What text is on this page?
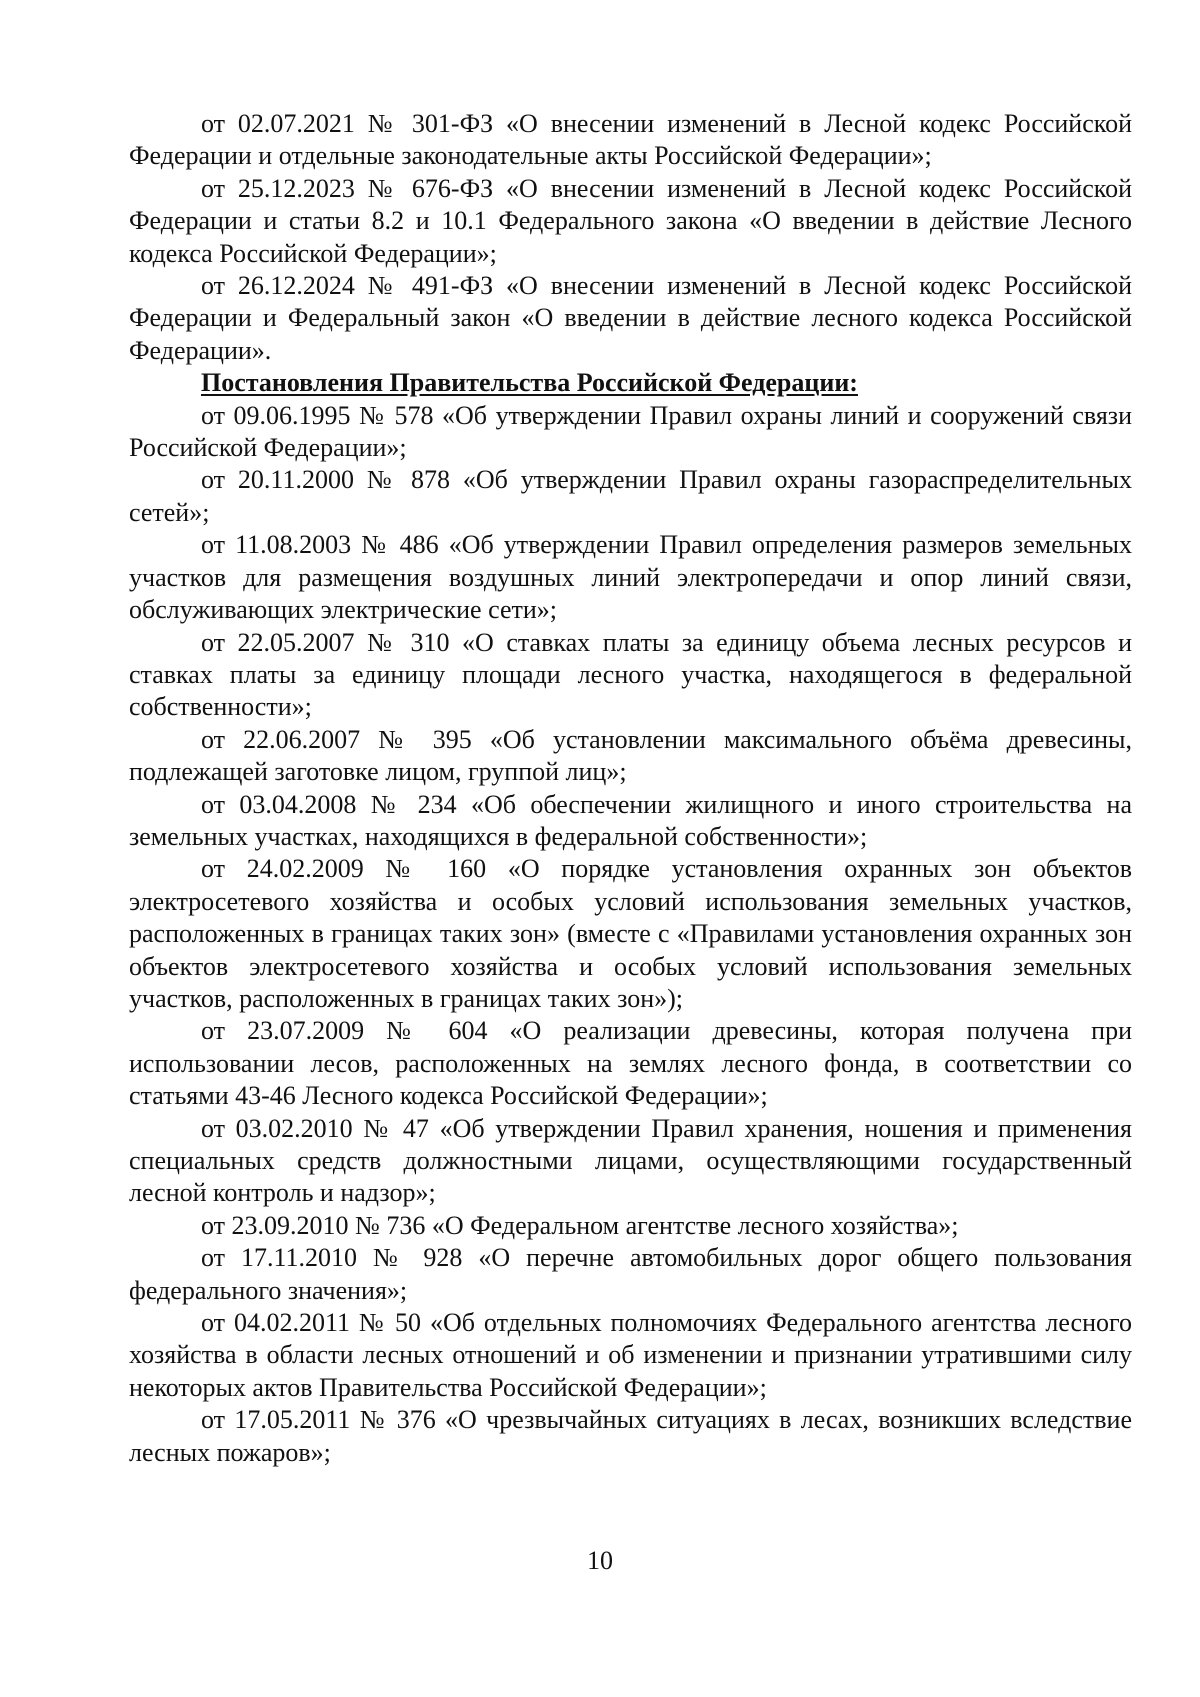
от 02.07.2021 № 301-ФЗ «О внесении изменений в Лесной кодекс Российской Федерации и отдельные законодательные акты Российской Федерации»;

от 25.12.2023 № 676-ФЗ «О внесении изменений в Лесной кодекс Российской Федерации и статьи 8.2 и 10.1 Федерального закона «О введении в действие Лесного кодекса Российской Федерации»;

от 26.12.2024 № 491-ФЗ «О внесении изменений в Лесной кодекс Российской Федерации и Федеральный закон «О введении в действие лесного кодекса Российской Федерации».

Постановления Правительства Российской Федерации:

от 09.06.1995 № 578 «Об утверждении Правил охраны линий и сооружений связи Российской Федерации»;

от 20.11.2000 № 878 «Об утверждении Правил охраны газораспределительных сетей»;

от 11.08.2003 № 486 «Об утверждении Правил определения размеров земельных участков для размещения воздушных линий электропередачи и опор линий связи, обслуживающих электрические сети»;

от 22.05.2007 № 310 «О ставках платы за единицу объема лесных ресурсов и ставках платы за единицу площади лесного участка, находящегося в федеральной собственности»;

от 22.06.2007 № 395 «Об установлении максимального объёма древесины, подлежащей заготовке лицом, группой лиц»;

от 03.04.2008 № 234 «Об обеспечении жилищного и иного строительства на земельных участках, находящихся в федеральной собственности»;

от 24.02.2009 № 160 «О порядке установления охранных зон объектов электросетевого хозяйства и особых условий использования земельных участков, расположенных в границах таких зон» (вместе с «Правилами установления охранных зон объектов электросетевого хозяйства и особых условий использования земельных участков, расположенных в границах таких зон»);

от 23.07.2009 № 604 «О реализации древесины, которая получена при использовании лесов, расположенных на землях лесного фонда, в соответствии со статьями 43-46 Лесного кодекса Российской Федерации»;

от 03.02.2010 № 47 «Об утверждении Правил хранения, ношения и применения специальных средств должностными лицами, осуществляющими государственный лесной контроль и надзор»;

от 23.09.2010 № 736 «О Федеральном агентстве лесного хозяйства»;

от 17.11.2010 № 928 «О перечне автомобильных дорог общего пользования федерального значения»;

от 04.02.2011 № 50 «Об отдельных полномочиях Федерального агентства лесного хозяйства в области лесных отношений и об изменении и признании утратившими силу некоторых актов Правительства Российской Федерации»;

от 17.05.2011 № 376 «О чрезвычайных ситуациях в лесах, возникших вследствие лесных пожаров»;

10
